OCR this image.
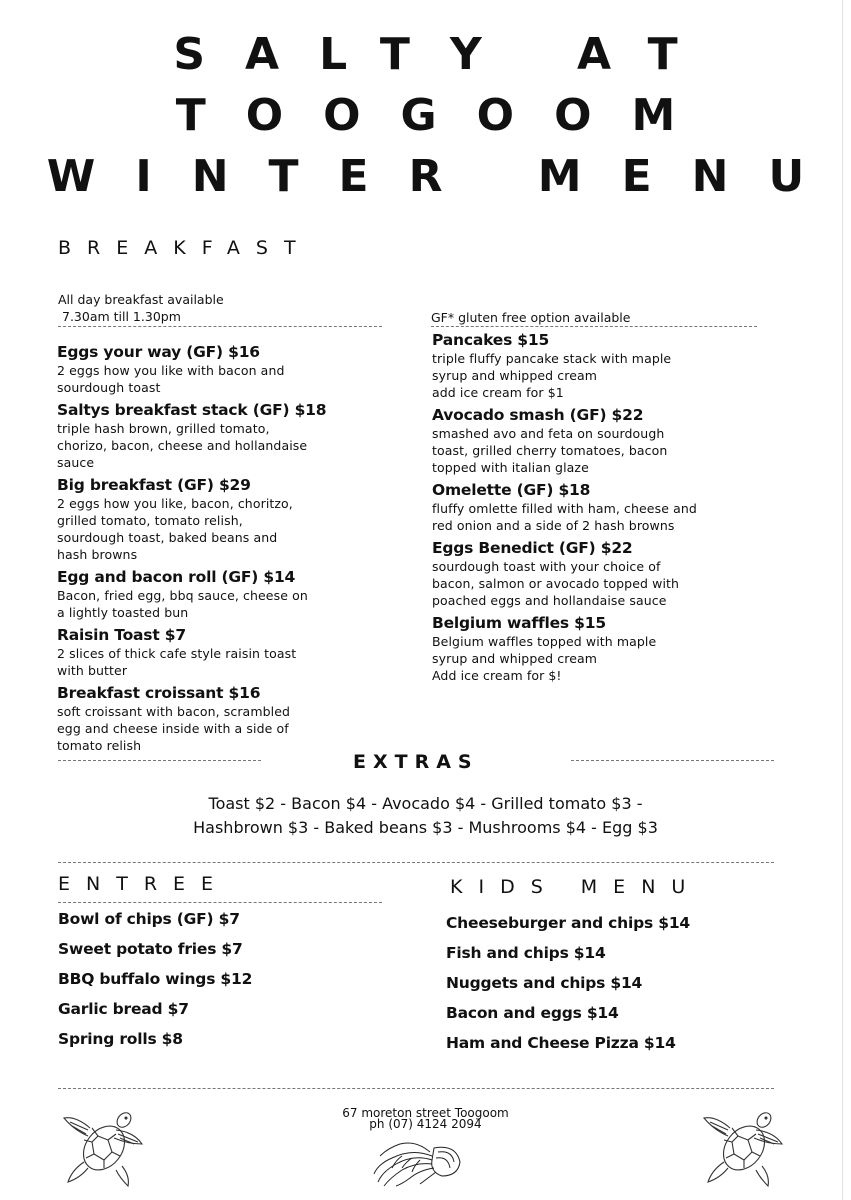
SALTY AT
TOOGOOM
WINTER MENU
BREAKFAST
All day breakfast available
7.30am till 1.30pm	GF* gluten free option available
Eggs your way (GF) $16
2 eggs how you like with bacon and
sourdough toast
Saltys breakfast stack (GF) $18
triple hash brown, grilled tomato,
chorizo, bacon, cheese and hollandaise
sauce
Big breakfast (GF) $29
2 eggs how you like, bacon, choritzo,
grilled tomato, tomato relish,
sourdough toast, baked beans and
hash browns
Egg and bacon roll (GF) $14
Bacon, fried egg, bbq sauce, cheese on
a lightly toasted bun
Raisin Toast $7
2 slices of thick cafe style raisin toast
with butter
Breakfast croissant $16
soft croissant with bacon, scrambled
egg and cheese inside with a side of
tomato relish
Pancakes $15
triple fluffy pancake stack with maple
syrup and whipped cream
add ice cream for $1
Avocado smash (GF) $22
smashed avo and feta on sourdough
toast, grilled cherry tomatoes, bacon
topped with italian glaze
Omelette (GF) $18
fluffy omlette filled with ham, cheese and
red onion and a side of 2 hash browns
Eggs Benedict (GF) $22
sourdough toast with your choice of
bacon, salmon or avocado topped with
poached eggs and hollandaise sauce
Belgium waffles $15
Belgium waffles topped with maple
syrup and whipped cream
Add ice cream for $!
EXTRAS
Toast $2 - Bacon $4 - Avocado $4 - Grilled tomato $3 -
Hashbrown $3 - Baked beans $3 - Mushrooms $4 - Egg $3
ENTREE
Bowl of chips (GF) $7
Sweet potato fries $7
BBQ buffalo wings $12
Garlic bread $7
Spring rolls $8
KIDS MENU
Cheeseburger and chips $14
Fish and chips $14
Nuggets and chips $14
Bacon and eggs $14
Ham and Cheese Pizza $14
67 moreton street Toogoom
ph (07) 4124 2094
